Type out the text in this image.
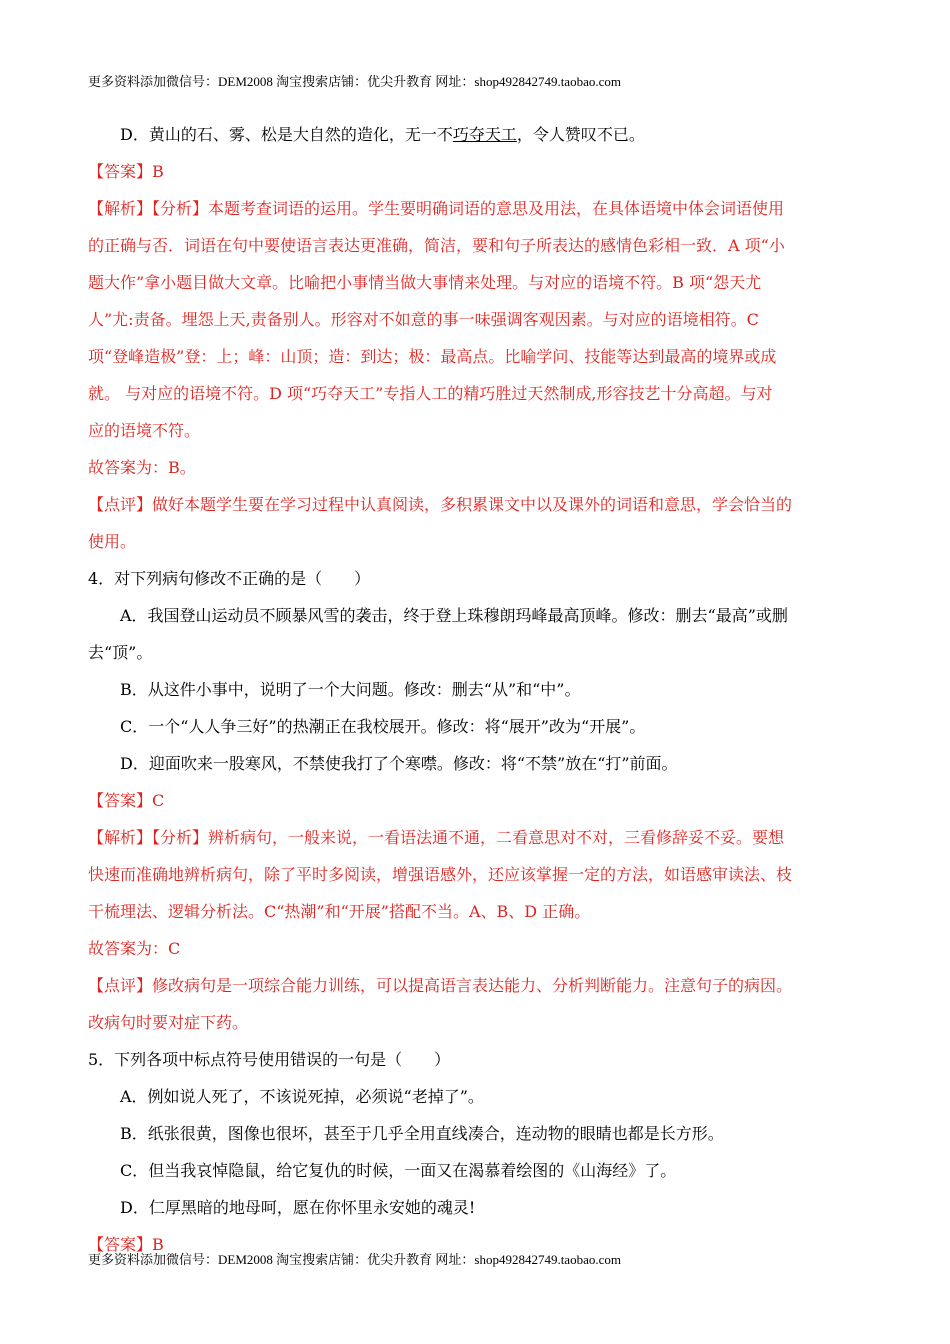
更多资料添加微信号：DEM2008 淘宝搜索店铺：优尖升教育 网址：shop492842749.taobao.com

D．黄山的石、雾、松是大自然的造化，无一不巧夺天工，令人赞叹不已。

【答案】B

【解析】【分析】本题考查词语的运用。学生要明确词语的意思及用法，在具体语境中体会词语使用
的正确与否．词语在句中要使语言表达更准确，简洁，要和句子所表达的感情色彩相一致．A 项“小
题大作”拿小题目做大文章。比喻把小事情当做大事情来处理。与对应的语境不符。B 项“怨天尤
人”尤:责备。埋怨上天,责备别人。形容对不如意的事一味强调客观因素。与对应的语境相符。C
项“登峰造极”登：上；峰：山顶；造：到达；极：最高点。比喻学问、技能等达到最高的境界或成
就。 与对应的语境不符。D 项“巧夺天工”专指人工的精巧胜过天然制成,形容技艺十分高超。与对
应的语境不符。

故答案为：B。

【点评】做好本题学生要在学习过程中认真阅读，多积累课文中以及课外的词语和意思，学会恰当的
使用。

4．对下列病句修改不正确的是（　　）

A．我国登山运动员不顾暴风雪的袭击，终于登上珠穆朗玛峰最高顶峰。修改：删去“最高”或删
去“顶”。

B．从这件小事中，说明了一个大问题。修改：删去“从”和“中”。

C．一个“人人争三好”的热潮正在我校展开。修改：将“展开”改为“开展”。

D．迎面吹来一股寒风，不禁使我打了个寒噤。修改：将“不禁”放在“打”前面。

【答案】C

【解析】【分析】辨析病句，一般来说，一看语法通不通，二看意思对不对，三看修辞妥不妥。要想
快速而准确地辨析病句，除了平时多阅读，增强语感外，还应该掌握一定的方法，如语感审读法、枝
干梳理法、逻辑分析法。C“热潮”和“开展”搭配不当。A、B、D 正确。

故答案为：C

【点评】修改病句是一项综合能力训练，可以提高语言表达能力、分析判断能力。注意句子的病因。
改病句时要对症下药。

5．下列各项中标点符号使用错误的一句是（　　）

A．例如说人死了，不该说死掉，必须说“老掉了”。

B．纸张很黄，图像也很坏，甚至于几乎全用直线凑合，连动物的眼睛也都是长方形。

C．但当我哀悼隐鼠，给它复仇的时候，一面又在渴慕着绘图的《山海经》了。

D．仁厚黑暗的地母呵，愿在你怀里永安她的魂灵!

【答案】B

更多资料添加微信号：DEM2008 淘宝搜索店铺：优尖升教育 网址：shop492842749.taobao.com
